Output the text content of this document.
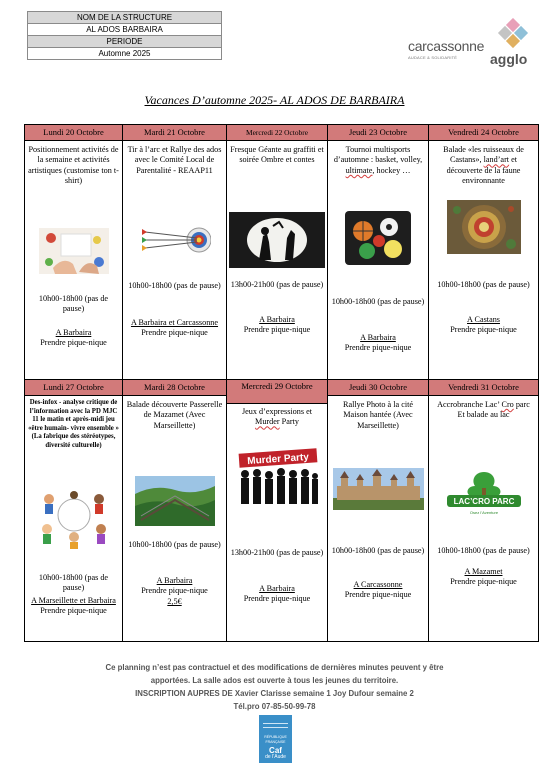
NOM DE LA STRUCTURE
AL ADOS BARBAIRA
PERIODE
Automne 2025	carcassonne
AUDACE & SOLIDARITÉ agglo
Vacances D’automne 2025- AL ADOS DE BARBAIRA
Lundi 20 Octobre
Positionnement activités de la semaine et activités artistiques (customise ton t-shirt)
10h00-18h00 (pas de pause)
A Barbaira
Prendre pique-nique
Mardi 21 Octobre
Tir à l’arc et Rallye des ados avec le Comité Local de Parentalité - REAAP11
10h00-18h00 (pas de pause)
A Barbaira et Carcassonne
Prendre pique-nique
Mercredi 22 Octobre
Fresque Géante au graffiti et soirée Ombre et contes
13h00-21h00 (pas de pause)
A Barbaira
Prendre pique-nique
Jeudi 23 Octobre
Tournoi multisports d’automne : basket, volley, ultimate, hockey …
10h00-18h00 (pas de pause)
A Barbaira
Prendre pique-nique
Vendredi 24 Octobre
Balade «les ruisseaux de Castans», land’art et découverte de la faune environnante
10h00-18h00 (pas de pause)
A Castans
Prendre pique-nique
Lundi 27 Octobre
Des-infox - analyse critique de l’information avec la PD MJC 11 le matin et après-midi jeu «être humain- vivre ensemble » (La fabrique des stéréotypes, diversité culturelle)
10h00-18h00 (pas de pause)
A Marseillette et Barbaira
Prendre pique-nique
Mardi 28 Octobre
Balade découverte Passerelle de Mazamet (Avec Marseillette)
10h00-18h00 (pas de pause)
A Barbaira
Prendre pique-nique
2,5€
Mercredi 29 Octobre
Jeux d’expressions et Murder Party
Murder Party
13h00-21h00 (pas de pause)
A Barbaira
Prendre pique-nique
Jeudi 30 Octobre
Rallye Photo à la cité Maison hantée (Avec Marseillette)
10h00-18h00 (pas de pause)
A Carcassonne
Prendre pique-nique
Vendredi 31 Octobre
Accrobranche Lac’ Cro parc
Et balade au lac
LAC’CRO PARC
Osez l’Aventure
10h00-18h00 (pas de pause)
A Mazamet
Prendre pique-nique
Ce planning n’est pas contractuel et des modifications de dernières minutes peuvent y être
apportées. La salle ados est ouverte à tous les jeunes du territoire.
INSCRIPTION AUPRES DE Xavier Clarisse semaine 1 Joy Dufour semaine 2
Tél.pro 07-85-50-99-78
RÉPUBLIQUE FRANÇAISE
Caf
de l’Aude
